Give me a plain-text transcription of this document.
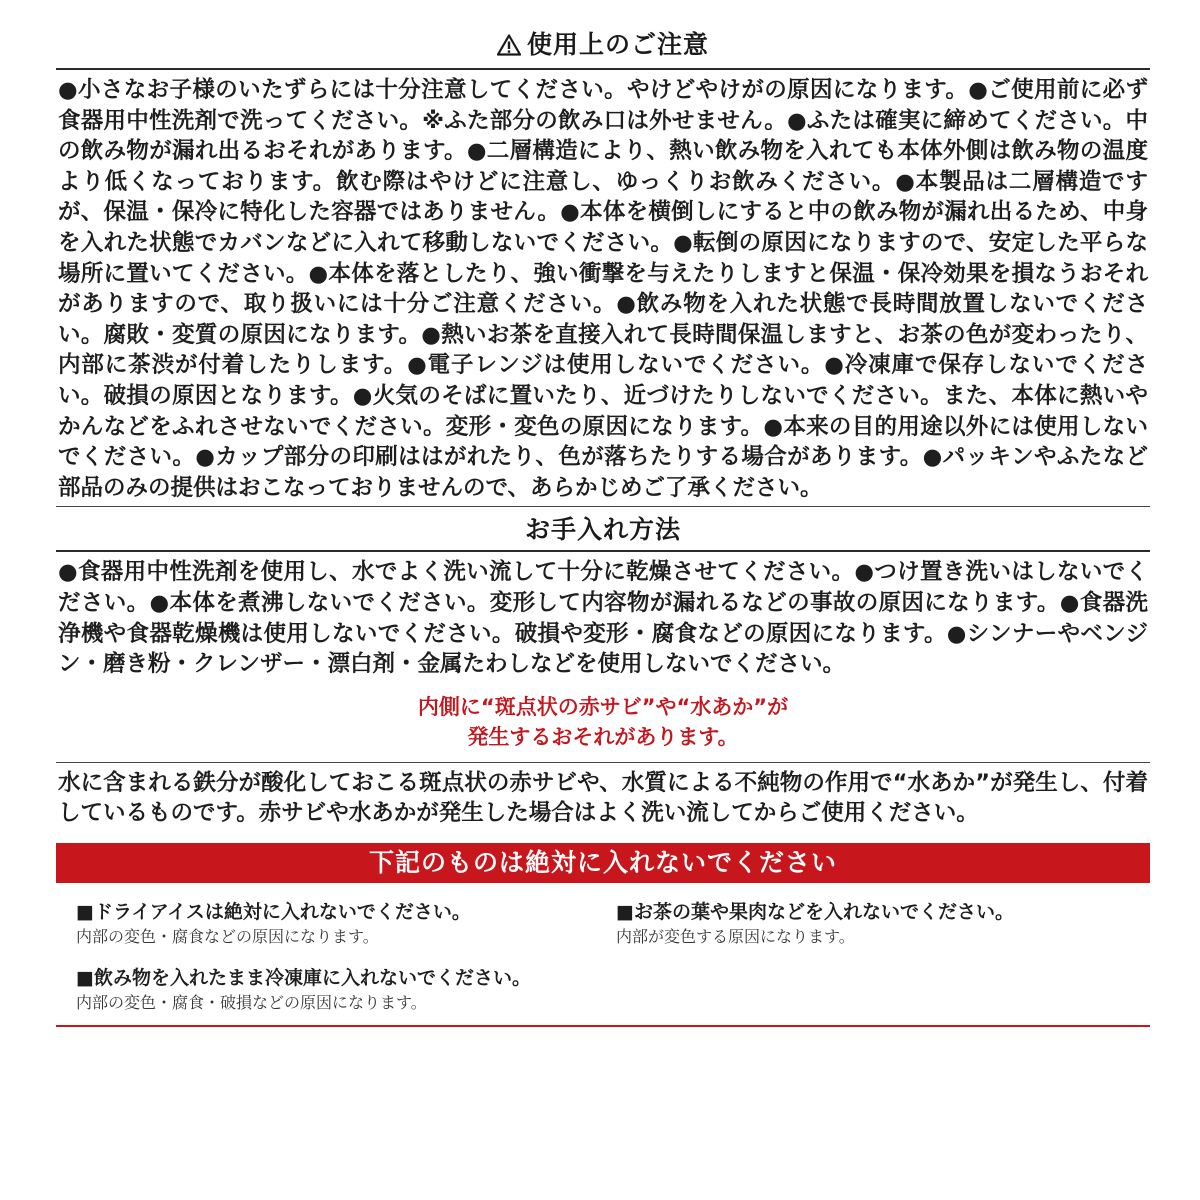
使用上のご注意

●小さなお子様のいたずらには十分注意してください。やけどやけがの原因になります。●ご使用前に必ず食器用中性洗剤で洗ってください。※ふた部分の飲み口は外せません。●ふたは確実に締めてください。中の飲み物が漏れ出るおそれがあります。●二層構造により、熱い飲み物を入れても本体外側は飲み物の温度より低くなっております。飲む際はやけどに注意し、ゆっくりお飲みください。●本製品は二層構造ですが、保温・保冷に特化した容器ではありません。●本体を横倒しにすると中の飲み物が漏れ出るため、中身を入れた状態でカバンなどに入れて移動しないでください。●転倒の原因になりますので、安定した平らな場所に置いてください。●本体を落としたり、強い衝撃を与えたりしますと保温・保冷効果を損なうおそれがありますので、取り扱いには十分ご注意ください。●飲み物を入れた状態で長時間放置しないでください。腐敗・変質の原因になります。●熱いお茶を直接入れて長時間保温しますと、お茶の色が変わったり、内部に茶渋が付着したりします。●電子レンジは使用しないでください。●冷凍庫で保存しないでください。破損の原因となります。●火気のそばに置いたり、近づけたりしないでください。また、本体に熱いやかんなどをふれさせないでください。変形・変色の原因になります。●本来の目的用途以外には使用しないでください。●カップ部分の印刷ははがれたり、色が落ちたりする場合があります。●パッキンやふたなど部品のみの提供はおこなっておりませんので、あらかじめご了承ください。

お手入れ方法

●食器用中性洗剤を使用し、水でよく洗い流して十分に乾燥させてください。●つけ置き洗いはしないでください。●本体を煮沸しないでください。変形して内容物が漏れるなどの事故の原因になります。●食器洗浄機や食器乾燥機は使用しないでください。破損や変形・腐食などの原因になります。●シンナーやベンジン・磨き粉・クレンザー・漂白剤・金属たわしなどを使用しないでください。

内側に“斑点状の赤サビ”や“水あか”が
発生するおそれがあります。

水に含まれる鉄分が酸化しておこる斑点状の赤サビや、水質による不純物の作用で“水あか”が発生し、付着しているものです。赤サビや水あかが発生した場合はよく洗い流してからご使用ください。

下記のものは絶対に入れないでください
■ドライアイスは絶対に入れないでください。
内部の変色・腐食などの原因になります。
■お茶の葉や果肉などを入れないでください。
内部が変色する原因になります。
■飲み物を入れたまま冷凍庫に入れないでください。
内部の変色・腐食・破損などの原因になります。
